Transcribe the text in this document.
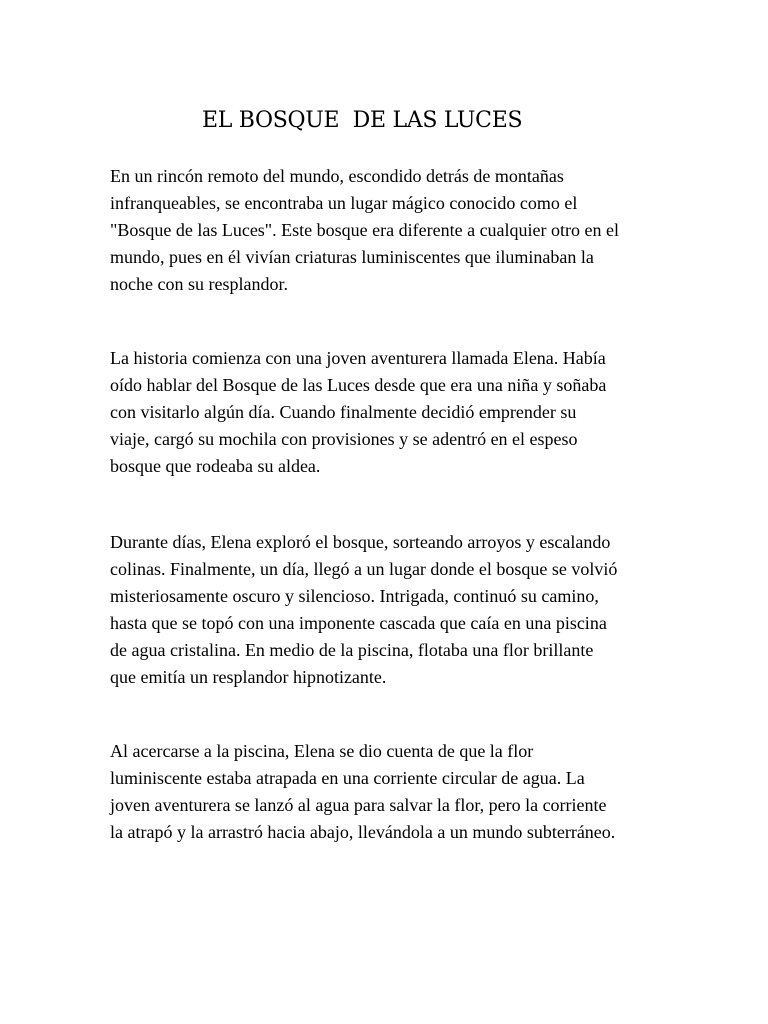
EL BOSQUE  DE LAS LUCES

En un rincón remoto del mundo, escondido detrás de montañas
infranqueables, se encontraba un lugar mágico conocido como el
"Bosque de las Luces". Este bosque era diferente a cualquier otro en el
mundo, pues en él vivían criaturas luminiscentes que iluminaban la
noche con su resplandor.

La historia comienza con una joven aventurera llamada Elena. Había
oído hablar del Bosque de las Luces desde que era una niña y soñaba
con visitarlo algún día. Cuando finalmente decidió emprender su
viaje, cargó su mochila con provisiones y se adentró en el espeso
bosque que rodeaba su aldea.

Durante días, Elena exploró el bosque, sorteando arroyos y escalando
colinas. Finalmente, un día, llegó a un lugar donde el bosque se volvió
misteriosamente oscuro y silencioso. Intrigada, continuó su camino,
hasta que se topó con una imponente cascada que caía en una piscina
de agua cristalina. En medio de la piscina, flotaba una flor brillante
que emitía un resplandor hipnotizante.

Al acercarse a la piscina, Elena se dio cuenta de que la flor
luminiscente estaba atrapada en una corriente circular de agua. La
joven aventurera se lanzó al agua para salvar la flor, pero la corriente
la atrapó y la arrastró hacia abajo, llevándola a un mundo subterráneo.
